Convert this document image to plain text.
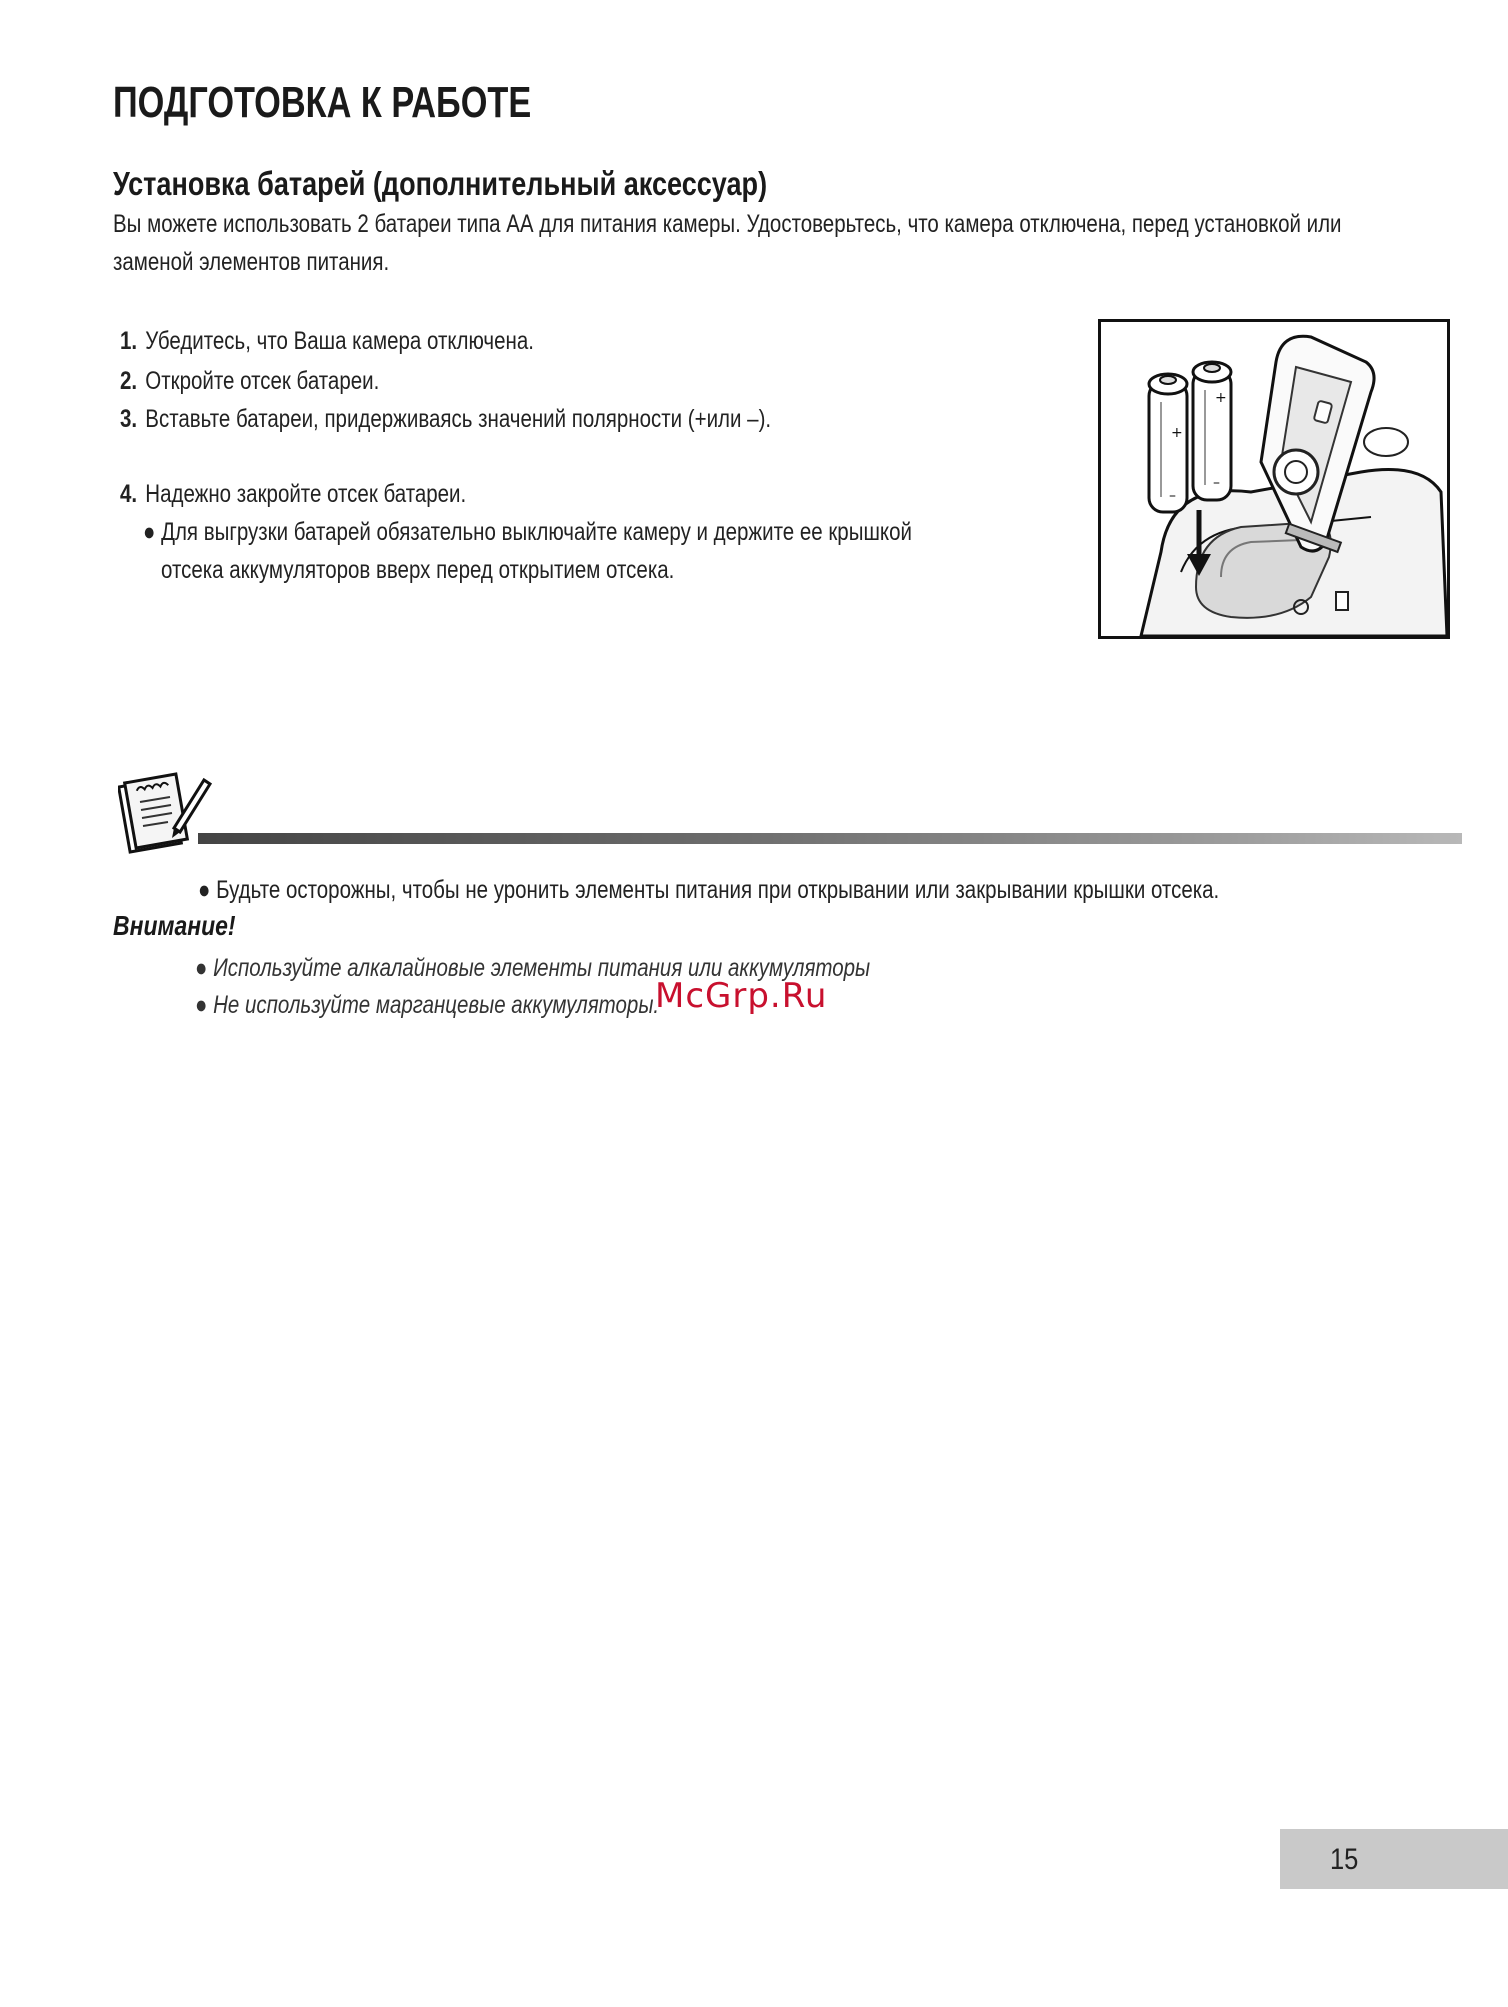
ПОДГОТОВКА К РАБОТЕ
Установка батарей (дополнительный аксессуар)
Вы можете использовать 2 батареи типа АА для питания камеры. Удостоверьтесь, что камера отключена, перед установкой или
заменой элементов питания.
1. Убедитесь, что Ваша камера отключена.
2. Откройте отсек батареи.
3. Вставьте батареи, придерживаясь значений полярности (+или –).
4. Надежно закройте отсек батареи.
● Для выгрузки батарей обязательно выключайте камеру и держите ее крышкой
отсека аккумуляторов вверх перед открытием отсека.
+
–
+
–
● Будьте осторожны, чтобы не уронить элементы питания при открывании или закрывании крышки отсека.
Внимание!
● Используйте алкалайновые элементы питания или аккумуляторы
● Не используйте марганцевые аккумуляторы.
McGrp.Ru
15
